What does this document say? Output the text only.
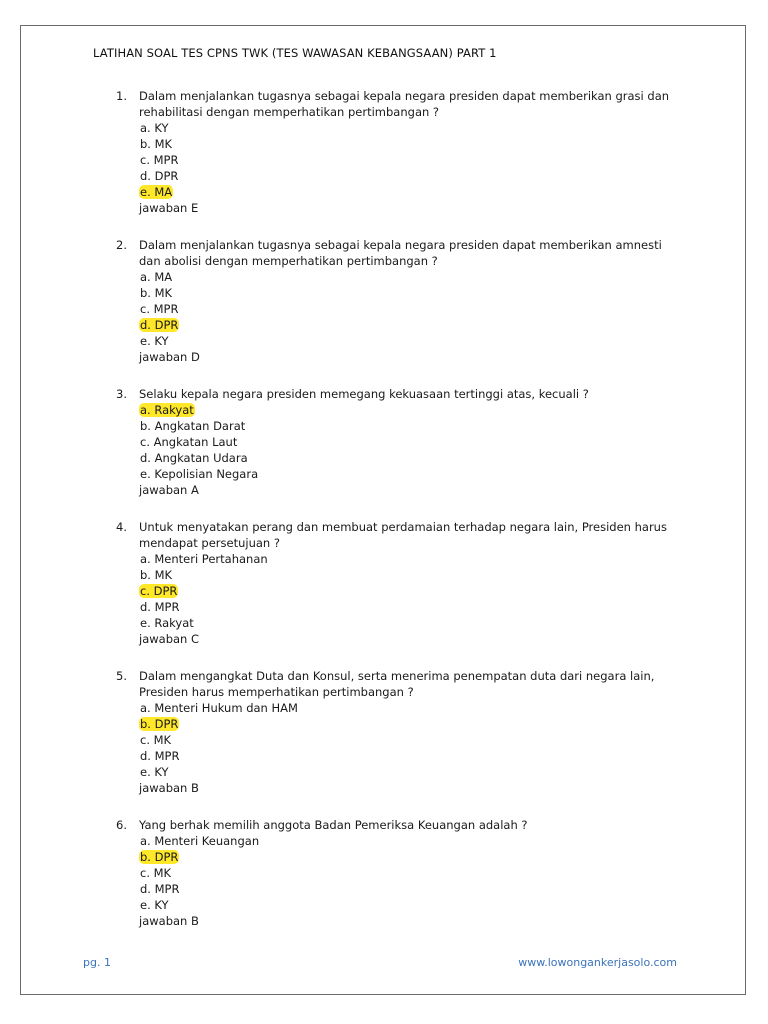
LATIHAN SOAL TES CPNS TWK (TES WAWASAN KEBANGSAAN) PART 1
1. Dalam menjalankan tugasnya sebagai kepala negara presiden dapat memberikan grasi dan rehabilitasi dengan memperhatikan pertimbangan ?
a. KY
b. MK
c. MPR
d. DPR
e. MA
jawaban E
2. Dalam menjalankan tugasnya sebagai kepala negara presiden dapat memberikan amnesti dan abolisi dengan memperhatikan pertimbangan ?
a. MA
b. MK
c. MPR
d. DPR
e. KY
jawaban D
3. Selaku kepala negara presiden memegang kekuasaan tertinggi atas, kecuali ?
a. Rakyat
b. Angkatan Darat
c. Angkatan Laut
d. Angkatan Udara
e. Kepolisian Negara
jawaban A
4. Untuk menyatakan perang dan membuat perdamaian terhadap negara lain, Presiden harus mendapat persetujuan ?
a. Menteri Pertahanan
b. MK
c. DPR
d. MPR
e. Rakyat
jawaban C
5. Dalam mengangkat Duta dan Konsul, serta menerima penempatan duta dari negara lain, Presiden harus memperhatikan pertimbangan ?
a. Menteri Hukum dan HAM
b. DPR
c. MK
d. MPR
e. KY
jawaban B
6. Yang berhak memilih anggota Badan Pemeriksa Keuangan adalah ?
a. Menteri Keuangan
b. DPR
c. MK
d. MPR
e. KY
jawaban B
pg. 1	www.lowongankerjasolo.com
